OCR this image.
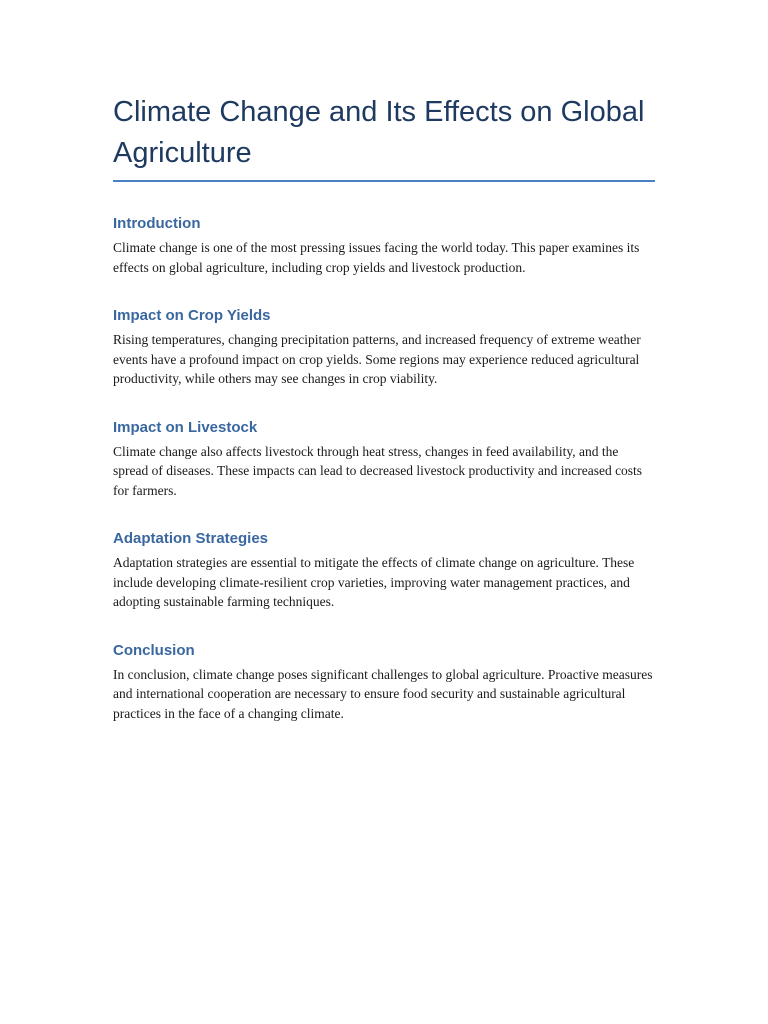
Climate Change and Its Effects on Global Agriculture
Introduction

Climate change is one of the most pressing issues facing the world today. This paper examines its effects on global agriculture, including crop yields and livestock production.

Impact on Crop Yields

Rising temperatures, changing precipitation patterns, and increased frequency of extreme weather events have a profound impact on crop yields. Some regions may experience reduced agricultural productivity, while others may see changes in crop viability.

Impact on Livestock

Climate change also affects livestock through heat stress, changes in feed availability, and the spread of diseases. These impacts can lead to decreased livestock productivity and increased costs for farmers.

Adaptation Strategies

Adaptation strategies are essential to mitigate the effects of climate change on agriculture. These include developing climate-resilient crop varieties, improving water management practices, and adopting sustainable farming techniques.

Conclusion

In conclusion, climate change poses significant challenges to global agriculture. Proactive measures and international cooperation are necessary to ensure food security and sustainable agricultural practices in the face of a changing climate.
